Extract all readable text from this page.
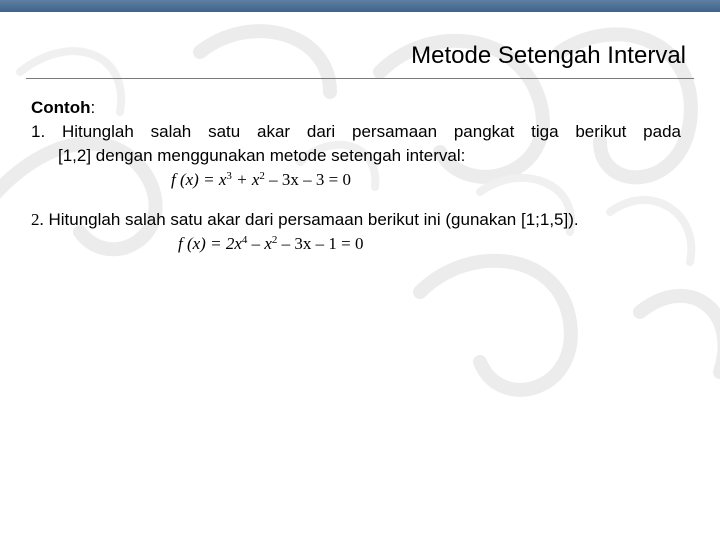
Metode Setengah Interval
Contoh:
1. Hitunglah salah satu akar dari persamaan pangkat tiga berikut pada
[1,2] dengan menggunakan metode setengah interval:
f $(x) = x^3 + x^2 - 3x - 3 = 0$
2. Hitunglah salah satu akar dari persamaan berikut ini (gunakan [1;1,5]).
f $(x) = 2x^4 - x^2 - 3x - 1 = 0$
